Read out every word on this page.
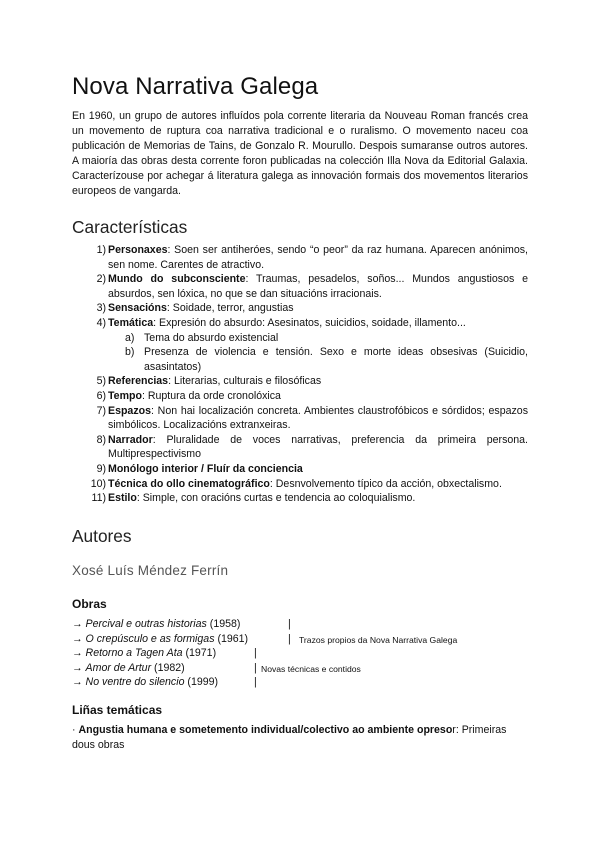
Nova Narrativa Galega

En 1960, un grupo de autores influídos pola corrente literaria da Nouveau Roman francés crea un movemento de ruptura coa narrativa tradicional e o ruralismo. O movemento naceu coa publicación de Memorias de Tains, de Gonzalo R. Mourullo. Despois sumaranse outros autores. A maioría das obras desta corrente foron publicadas na colección Illa Nova da Editorial Galaxia. Caracterízouse por achegar á literatura galega as innovación formais dos movementos literarios europeos de vangarda.

Características
1) Personaxes: Soen ser antiheróes, sendo “o peor” da raz humana. Aparecen anónimos, sen nome. Carentes de atractivo.
2) Mundo do subconsciente: Traumas, pesadelos, soños... Mundos angustiosos e absurdos, sen lóxica, no que se dan situacións irracionais.
3) Sensacións: Soidade, terror, angustias
4) Temática: Expresión do absurdo: Asesinatos, suicidios, soidade, illamento...
a) Tema do absurdo existencial
b) Presenza de violencia e tensión. Sexo e morte ideas obsesivas (Suicidio, asasintatos)
5) Referencias: Literarias, culturais e filosóficas
6) Tempo: Ruptura da orde cronolóxica
7) Espazos: Non hai localización concreta. Ambientes claustrofóbicos e sórdidos; espazos simbólicos. Localizacións extranxeiras.
8) Narrador: Pluralidade de voces narrativas, preferencia da primeira persona. Multiprespectivismo
9) Monólogo interior / Fluír da conciencia
10) Técnica do ollo cinematográfico: Desnvolvemento típico da acción, obxectalismo.
11) Estilo: Simple, con oracións curtas e tendencia ao coloquialismo.
Autores
Xosé Luís Méndez Ferrín
Obras
→ Percival e outras historias (1958)	|
→ O crepúsculo e as formigas (1961)	| Trazos propios da Nova Narrativa Galega
→ Retorno a Tagen Ata (1971)	|
→ Amor de Artur (1982)	| Novas técnicas e contidos
→ No ventre do silencio (1999)	|
Liñas temáticas

· Angustia humana e sometemento individual/colectivo ao ambiente opresor: Primeiras dous obras
